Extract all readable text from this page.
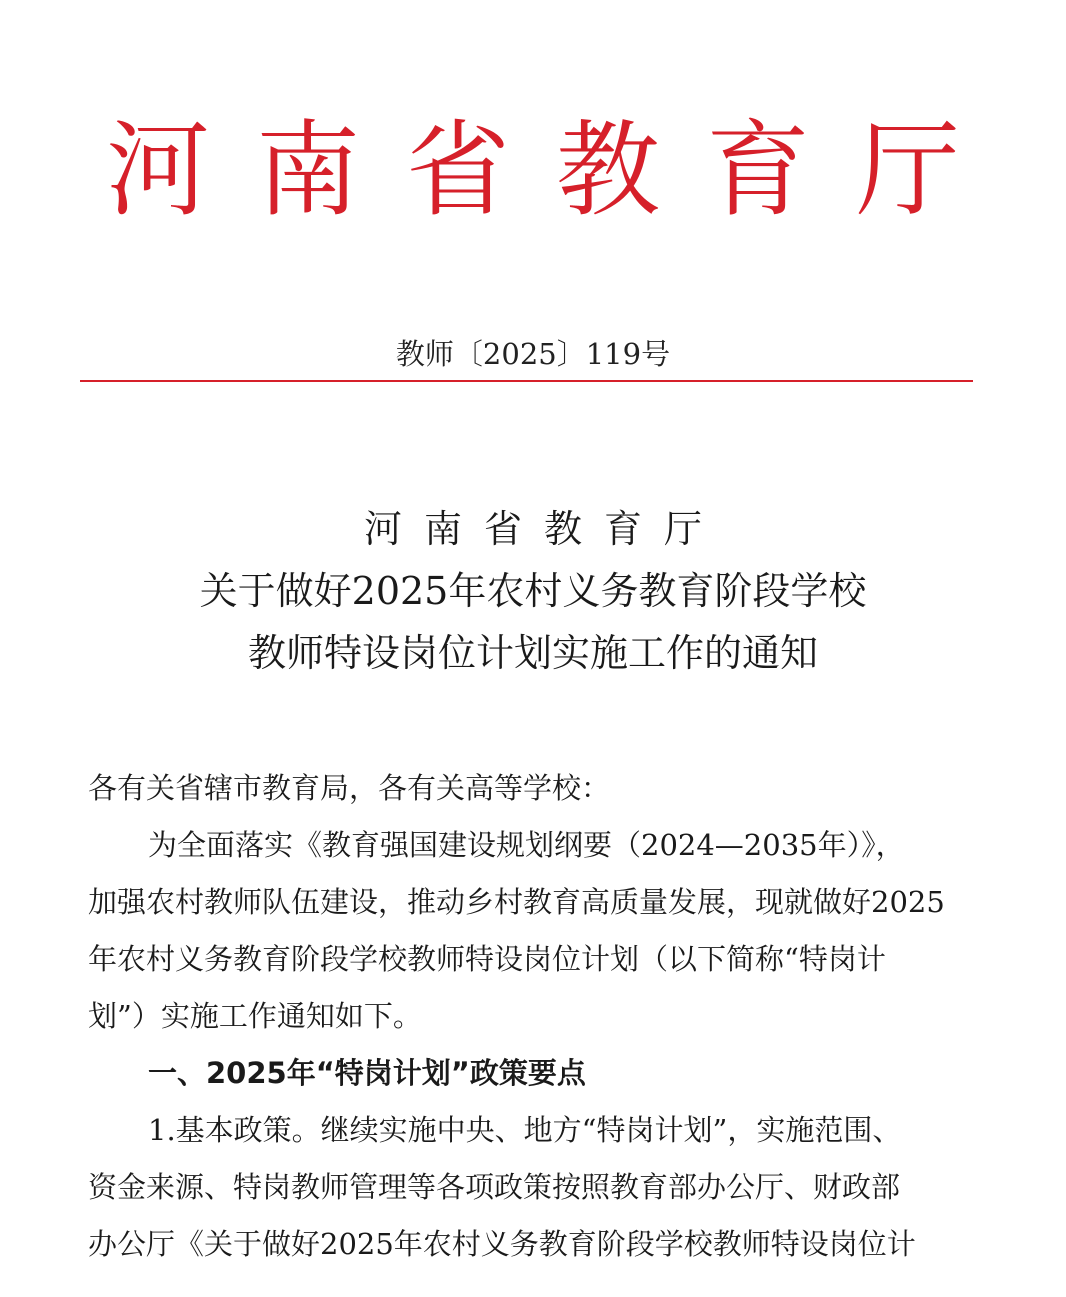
河南省教育厅
教师〔2025〕119号
河南省教育厅
关于做好2025年农村义务教育阶段学校
教师特设岗位计划实施工作的通知
各有关省辖市教育局，各有关高等学校：
为全面落实《教育强国建设规划纲要（2024—2035年）》，
加强农村教师队伍建设，推动乡村教育高质量发展，现就做好2025
年农村义务教育阶段学校教师特设岗位计划（以下简称“特岗计
划”）实施工作通知如下。
一、2025年“特岗计划”政策要点
1.基本政策。继续实施中央、地方“特岗计划”，实施范围、
资金来源、特岗教师管理等各项政策按照教育部办公厅、财政部
办公厅《关于做好2025年农村义务教育阶段学校教师特设岗位计
